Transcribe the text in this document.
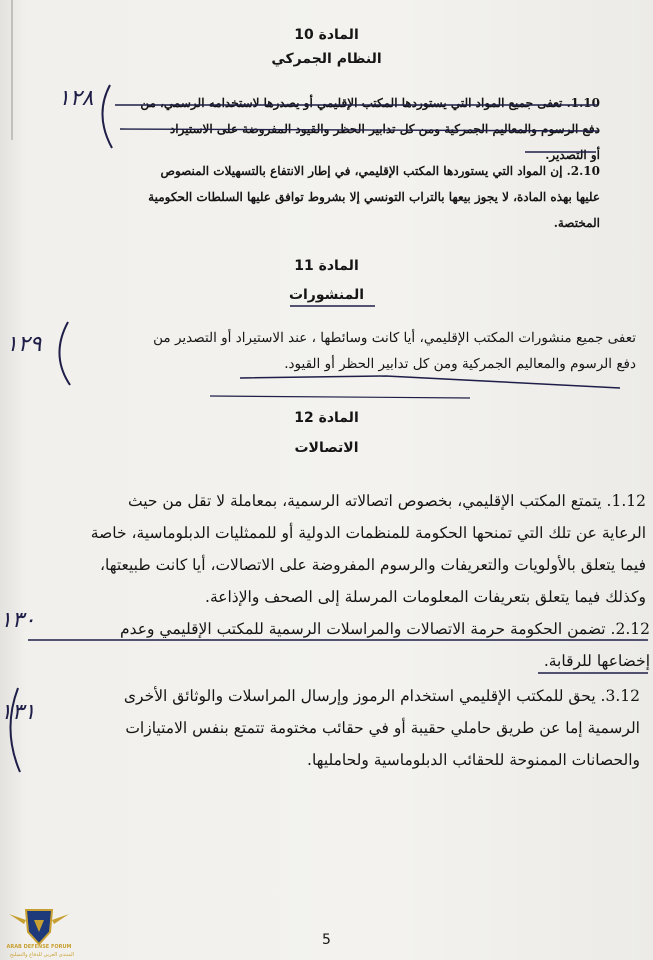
المادة 10
النظام الجمركي
1.10. تعفى جميع المواد التي يستوردها المكتب الإقليمي أو يصدرها لاستخدامه الرسمي، من
دفع الرسوم والمعاليم الجمركية ومن كل تدابير الحظر والقيود المفروضة على الاستيراد
أو التصدير.
2.10. إن المواد التي يستوردها المكتب الإقليمي، في إطار الانتفاع بالتسهيلات المنصوص
عليها بهذه المادة، لا يجوز بيعها بالتراب التونسي إلا بشروط توافق عليها السلطات الحكومية
المختصة.
المادة 11
المنشورات
تعفى جميع منشورات المكتب الإقليمي، أيا كانت وسائطها ، عند الاستيراد أو التصدير من
دفع الرسوم والمعاليم الجمركية ومن كل تدابير الحظر أو القيود.
المادة 12
الاتصالات
1.12. يتمتع المكتب الإقليمي، بخصوص اتصالاته الرسمية، بمعاملة لا تقل من حيث
الرعاية عن تلك التي تمنحها الحكومة للمنظمات الدولية أو للممثليات الدبلوماسية، خاصة
فيما يتعلق بالأولويات والتعريفات والرسوم المفروضة على الاتصالات، أيا كانت طبيعتها،
وكذلك فيما يتعلق بتعريفات المعلومات المرسلة إلى الصحف والإذاعة.
2.12. تضمن الحكومة حرمة الاتصالات والمراسلات الرسمية للمكتب الإقليمي وعدم
إخضاعها للرقابة.
3.12. يحق للمكتب الإقليمي استخدام الرموز وإرسال المراسلات والوثائق الأخرى
الرسمية إما عن طريق حاملي حقيبة أو في حقائب مختومة تتمتع بنفس الامتيازات
والحصانات الممنوحة للحقائب الدبلوماسية ولحامليها.
١٢٨
١٢٩
١٣٠
١٣١
5
ARAB DEFENSE FORUM
المنتدى العربي للدفاع والتسليح
